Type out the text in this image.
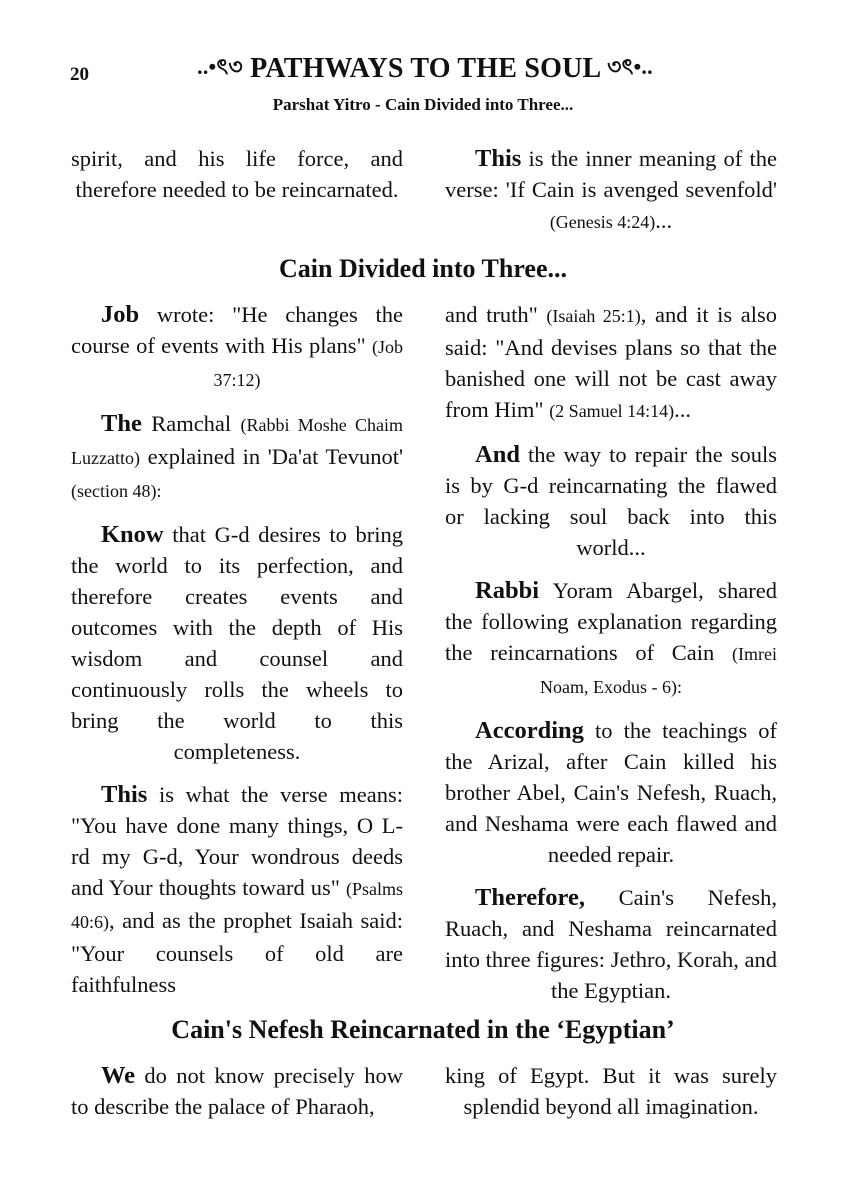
20	..•ৎ৩ PATHWAYS TO THE SOUL ৩ৎ•..
Parshat Yitro - Cain Divided into Three...

spirit, and his life force, and therefore needed to be reincarnated.

This is the inner meaning of the verse: 'If Cain is avenged sevenfold' (Genesis 4:24)...

Cain Divided into Three...

Job wrote: "He changes the course of events with His plans" (Job 37:12)

The Ramchal (Rabbi Moshe Chaim Luzzatto) explained in 'Da'at Tevunot' (section 48):

Know that G-d desires to bring the world to its perfection, and therefore creates events and outcomes with the depth of His wisdom and counsel and continuously rolls the wheels to bring the world to this completeness.

This is what the verse means: "You have done many things, O L-rd my G-d, Your wondrous deeds and Your thoughts toward us" (Psalms 40:6), and as the prophet Isaiah said: "Your counsels of old are faithfulness

and truth" (Isaiah 25:1), and it is also said: "And devises plans so that the banished one will not be cast away from Him" (2 Samuel 14:14)...

And the way to repair the souls is by G-d reincarnating the flawed or lacking soul back into this world...

Rabbi Yoram Abargel, shared the following explanation regarding the reincarnations of Cain (Imrei Noam, Exodus - 6):

According to the teachings of the Arizal, after Cain killed his brother Abel, Cain's Nefesh, Ruach, and Neshama were each flawed and needed repair.

Therefore, Cain's Nefesh, Ruach, and Neshama reincarnated into three figures: Jethro, Korah, and the Egyptian.

Cain's Nefesh Reincarnated in the ‘Egyptian’

We do not know precisely how to describe the palace of Pharaoh,

king of Egypt. But it was surely splendid beyond all imagination.
